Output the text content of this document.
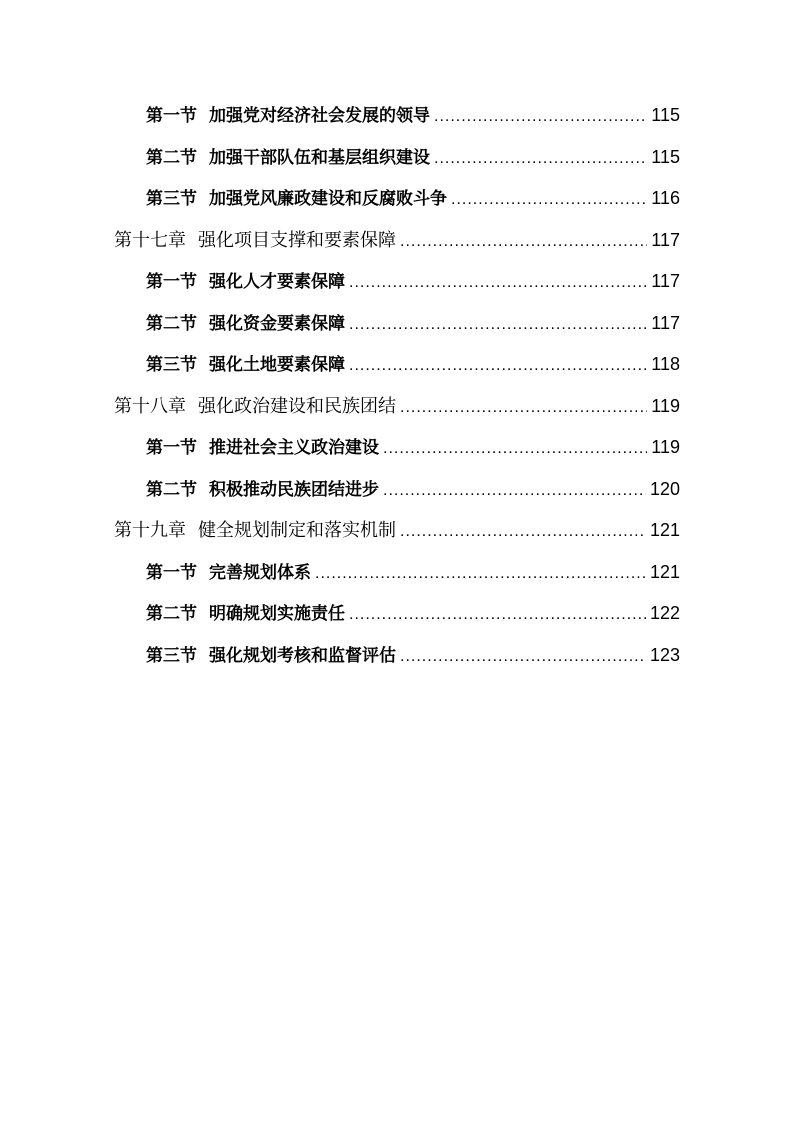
第一节 加强党对经济社会发展的领导 .....	115
第二节 加强干部队伍和基层组织建设 .....	115
第三节 加强党风廉政建设和反腐败斗争 .....	116
第十七章 强化项目支撑和要素保障 .....	117
第一节 强化人才要素保障 .....	117
第二节 强化资金要素保障 .....	117
第三节 强化土地要素保障 .....	118
第十八章 强化政治建设和民族团结 .....	119
第一节 推进社会主义政治建设 .....	119
第二节 积极推动民族团结进步 .....	120
第十九章 健全规划制定和落实机制 .....	121
第一节 完善规划体系 .....	121
第二节 明确规划实施责任 .....	122
第三节 强化规划考核和监督评估 .....	123
